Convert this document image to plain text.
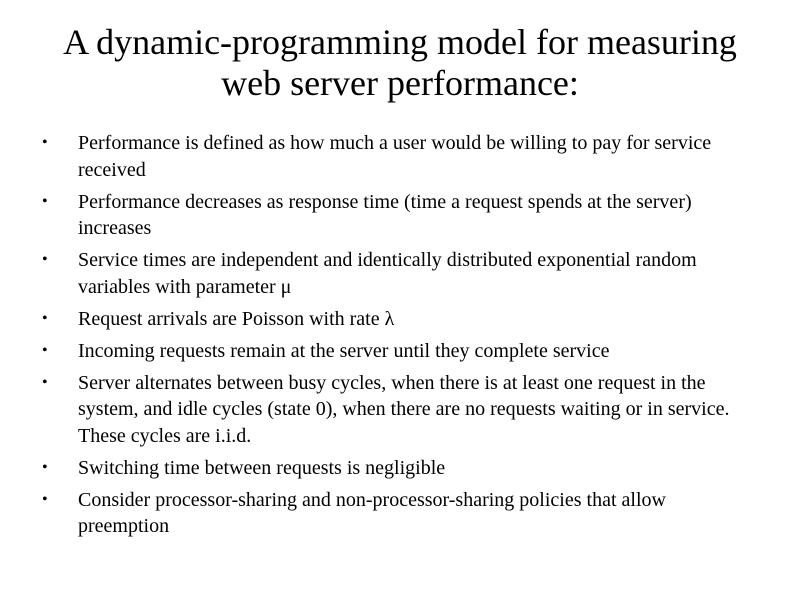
A dynamic-programming model for measuring
web server performance:
• Performance is defined as how much a user would be willing to pay for service received
• Performance decreases as response time (time a request spends at the server) increases
• Service times are independent and identically distributed exponential random variables with parameter μ
• Request arrivals are Poisson with rate λ
• Incoming requests remain at the server until they complete service
• Server alternates between busy cycles, when there is at least one request in the system, and idle cycles (state 0), when there are no requests waiting or in service. These cycles are i.i.d.
• Switching time between requests is negligible
• Consider processor-sharing and non-processor-sharing policies that allow preemption
